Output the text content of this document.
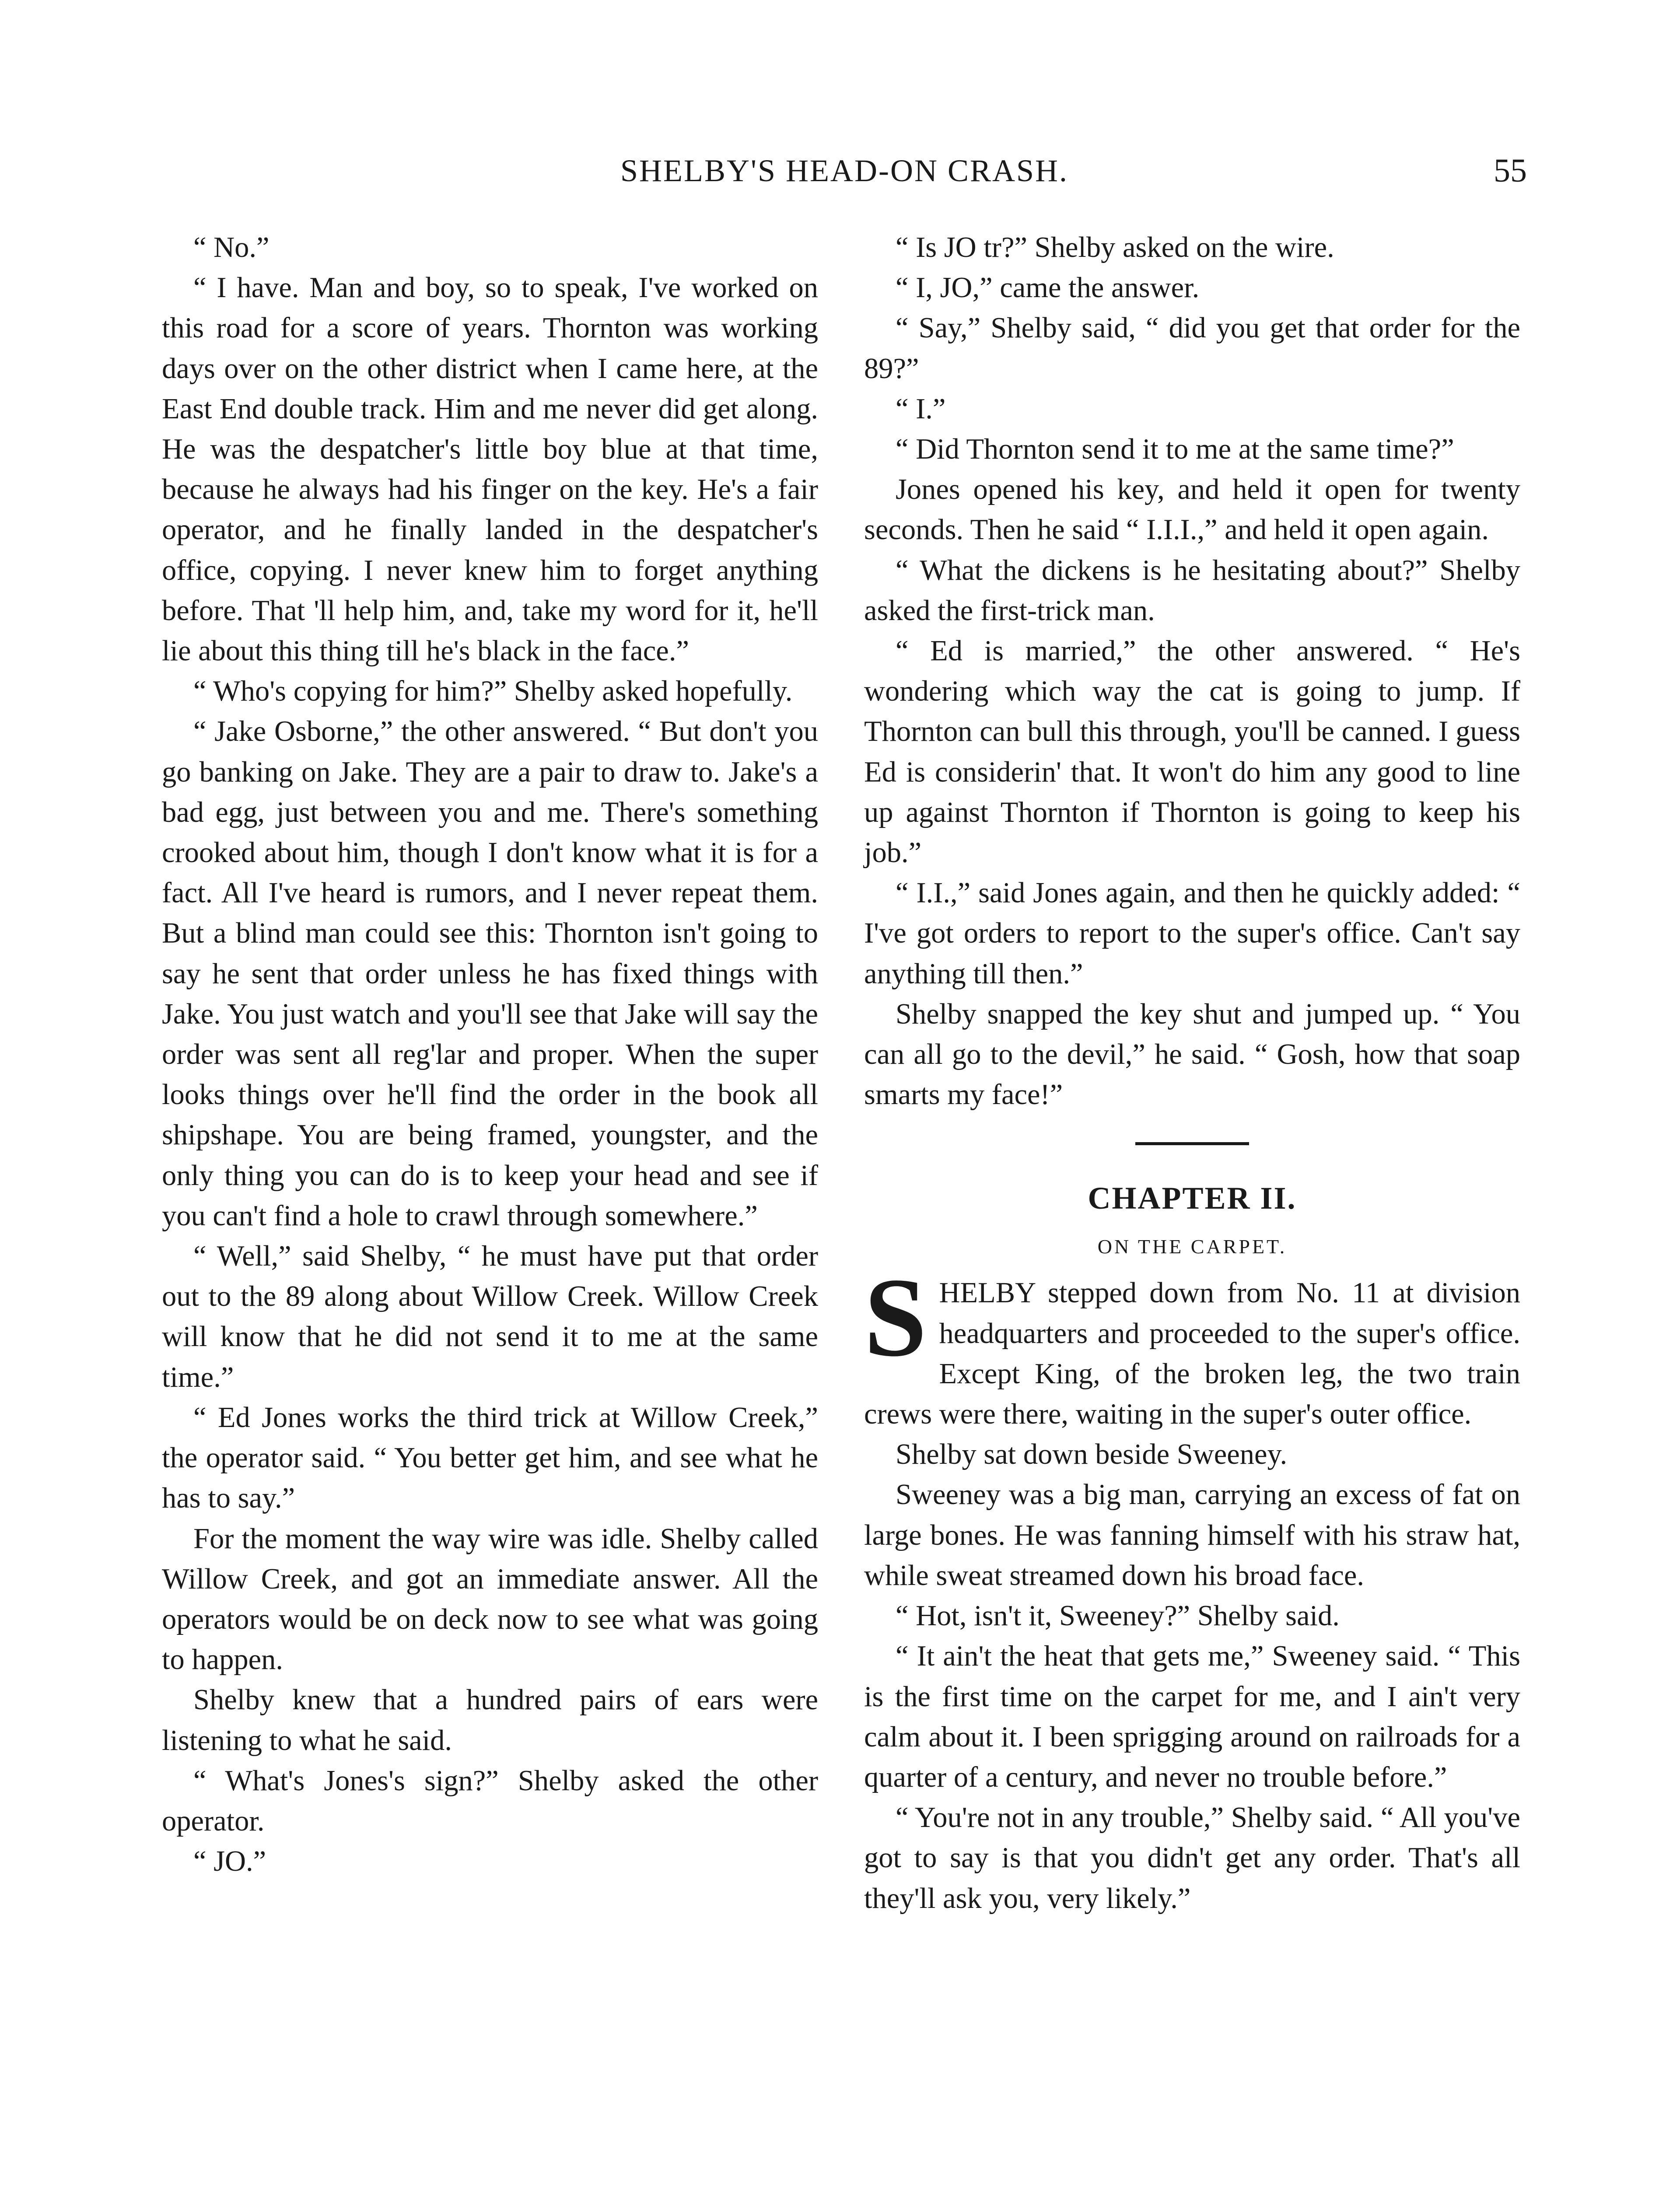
SHELBY'S HEAD-ON CRASH.	55

“ No.”

“ I have. Man and boy, so to speak, I've worked on this road for a score of years. Thornton was working days over on the other district when I came here, at the East End double track. Him and me never did get along. He was the despatcher's little boy blue at that time, because he always had his finger on the key. He's a fair operator, and he finally landed in the despatcher's office, copying. I never knew him to forget anything before. That 'll help him, and, take my word for it, he'll lie about this thing till he's black in the face.”

“ Who's copying for him?” Shelby asked hopefully.

“ Jake Osborne,” the other answered. “ But don't you go banking on Jake. They are a pair to draw to. Jake's a bad egg, just between you and me. There's something crooked about him, though I don't know what it is for a fact. All I've heard is rumors, and I never repeat them. But a blind man could see this: Thornton isn't going to say he sent that order unless he has fixed things with Jake. You just watch and you'll see that Jake will say the order was sent all reg'lar and proper. When the super looks things over he'll find the order in the book all shipshape. You are being framed, youngster, and the only thing you can do is to keep your head and see if you can't find a hole to crawl through somewhere.”

“ Well,” said Shelby, “ he must have put that order out to the 89 along about Willow Creek. Willow Creek will know that he did not send it to me at the same time.”

“ Ed Jones works the third trick at Willow Creek,” the operator said. “ You better get him, and see what he has to say.”

For the moment the way wire was idle. Shelby called Willow Creek, and got an immediate answer. All the operators would be on deck now to see what was going to happen.

Shelby knew that a hundred pairs of ears were listening to what he said.

“ What's Jones's sign?” Shelby asked the other operator.

“ JO.”

“ Is JO tr?” Shelby asked on the wire.

“ I, JO,” came the answer.

“ Say,” Shelby said, “ did you get that order for the 89?”

“ I.”

“ Did Thornton send it to me at the same time?”

Jones opened his key, and held it open for twenty seconds. Then he said “ I.I.I.,” and held it open again.

“ What the dickens is he hesitating about?” Shelby asked the first-trick man.

“ Ed is married,” the other answered. “ He's wondering which way the cat is going to jump. If Thornton can bull this through, you'll be canned. I guess Ed is considerin' that. It won't do him any good to line up against Thornton if Thornton is going to keep his job.”

“ I.I.,” said Jones again, and then he quickly added: “ I've got orders to report to the super's office. Can't say anything till then.”

Shelby snapped the key shut and jumped up. “ You can all go to the devil,” he said. “ Gosh, how that soap smarts my face!”

CHAPTER II.
ON THE CARPET.

SHELBY stepped down from No. 11 at division headquarters and proceeded to the super's office. Except King, of the broken leg, the two train crews were there, waiting in the super's outer office.

Shelby sat down beside Sweeney.

Sweeney was a big man, carrying an excess of fat on large bones. He was fanning himself with his straw hat, while sweat streamed down his broad face.

“ Hot, isn't it, Sweeney?” Shelby said.

“ It ain't the heat that gets me,” Sweeney said. “ This is the first time on the carpet for me, and I ain't very calm about it. I been sprigging around on railroads for a quarter of a century, and never no trouble before.”

“ You're not in any trouble,” Shelby said. “ All you've got to say is that you didn't get any order. That's all they'll ask you, very likely.”
